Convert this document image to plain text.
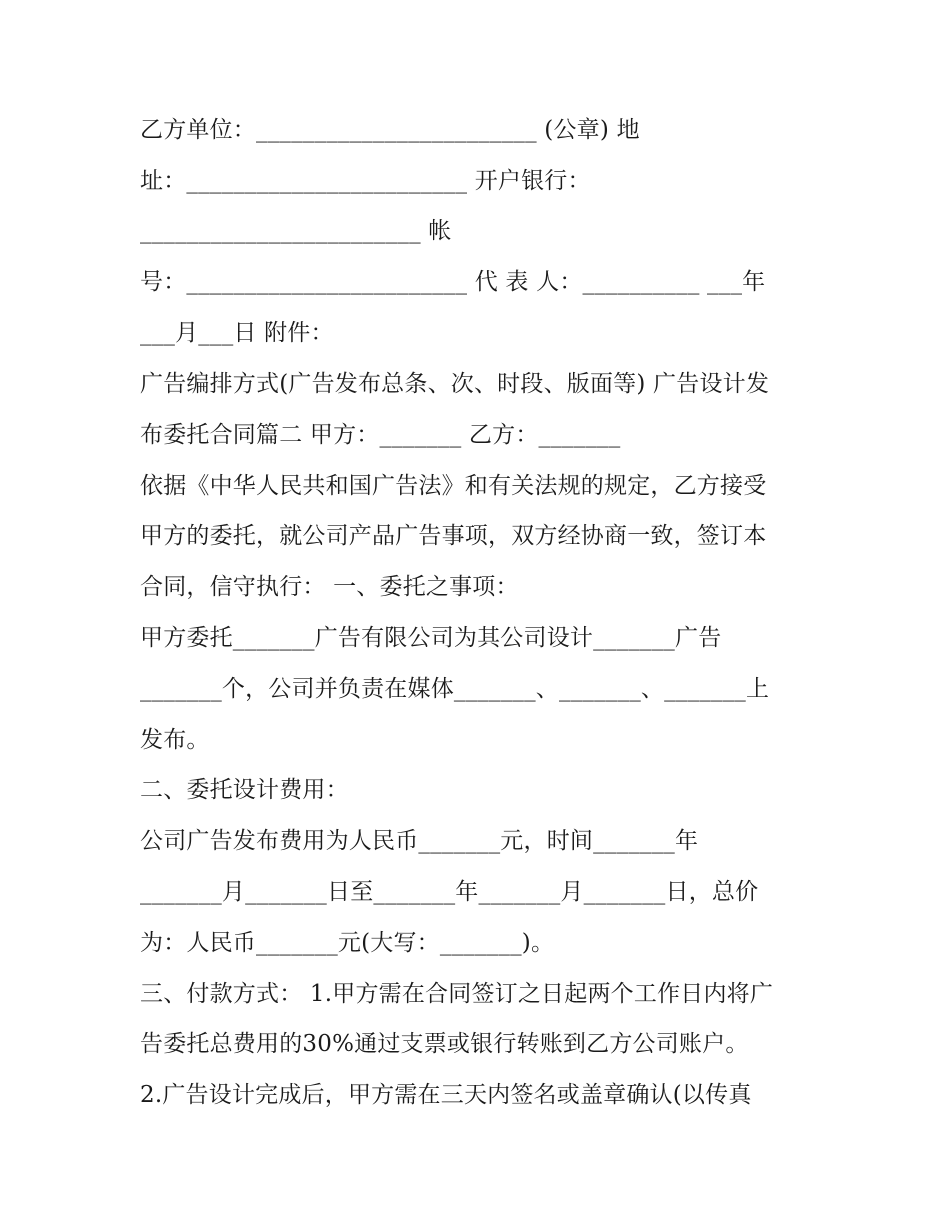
乙方单位：________________________ (公章) 地
址：________________________ 开户银行：
________________________ 帐
号：________________________ 代 表 人：__________ ___年
___月___日 附件：
广告编排方式(广告发布总条、次、时段、版面等) 广告设计发
布委托合同篇二 甲方：_______ 乙方：_______
依据《中华人民共和国广告法》和有关法规的规定，乙方接受
甲方的委托，就公司产品广告事项，双方经协商一致，签订本
合同，信守执行： 一、委托之事项：
甲方委托_______广告有限公司为其公司设计_______广告
_______个，公司并负责在媒体_______、_______、_______上
发布。
二、委托设计费用：
公司广告发布费用为人民币_______元，时间_______年
_______月_______日至_______年_______月_______日，总价
为：人民币_______元(大写：_______)。
三、付款方式： 1.甲方需在合同签订之日起两个工作日内将广
告委托总费用的30%通过支票或银行转账到乙方公司账户。
2.广告设计完成后，甲方需在三天内签名或盖章确认(以传真
